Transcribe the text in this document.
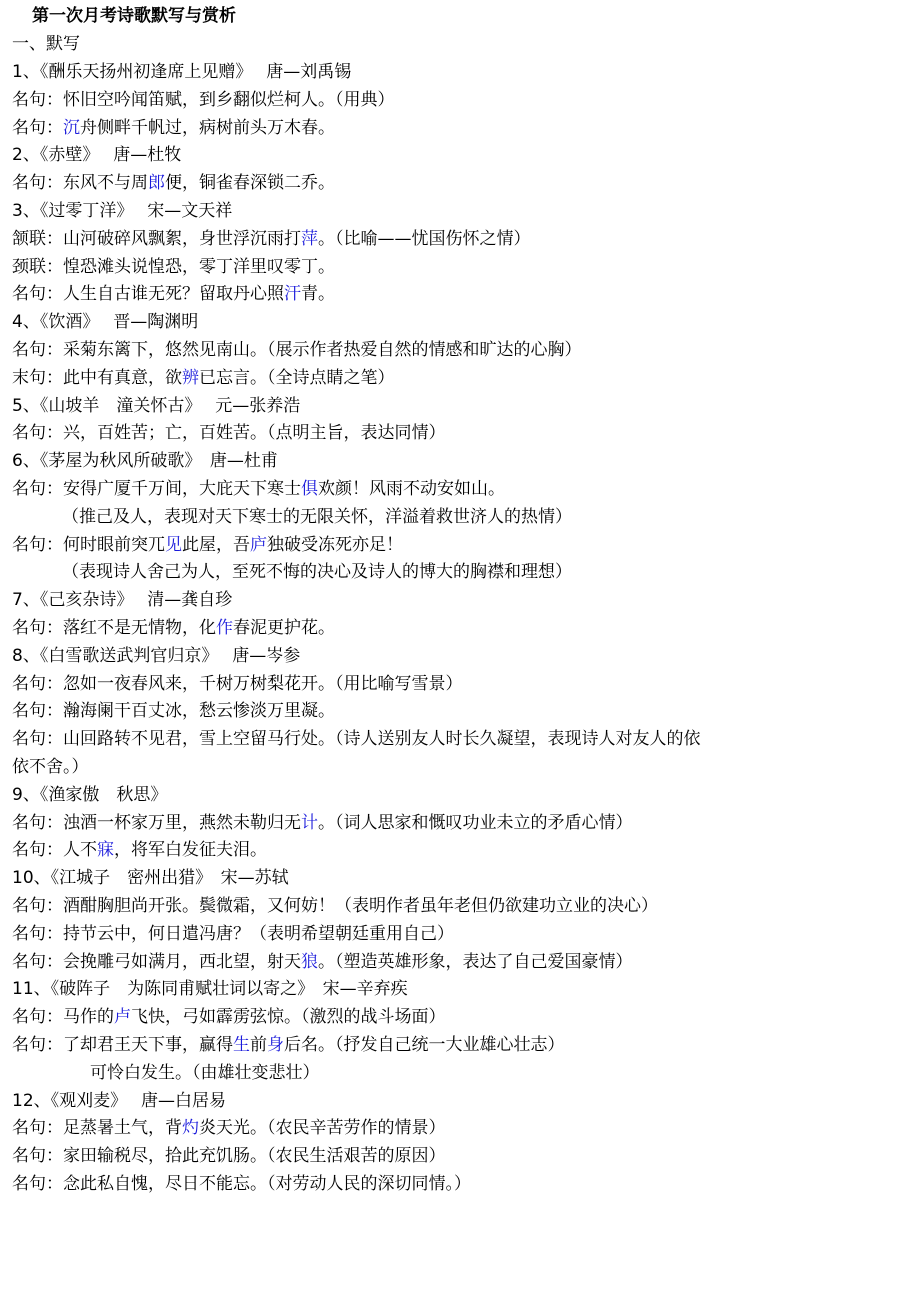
第一次月考诗歌默写与赏析
一、默写
1、《酬乐天扬州初逢席上见赠》　 唐—刘禹锡
名句：怀旧空吟闻笛赋，到乡翻似烂柯人。（用典）
名句：沉舟侧畔千帆过，病树前头万木春。
2、《赤壁》　 唐—杜牧
名句：东风不与周郎便，铜雀春深锁二乔。
3、《过零丁洋》　 宋—文天祥
颔联：山河破碎风飘絮，身世浮沉雨打萍。（比喻——忧国伤怀之情）
颈联：惶恐滩头说惶恐，零丁洋里叹零丁。
名句：人生自古谁无死？留取丹心照汗青。
4、《饮酒》　 晋—陶渊明
名句：采菊东篱下，悠然见南山。（展示作者热爱自然的情感和旷达的心胸）
末句：此中有真意，欲辨已忘言。（全诗点睛之笔）
5、《山坡羊　潼关怀古》　 元—张养浩
名句：兴，百姓苦；亡，百姓苦。（点明主旨，表达同情）
6、《茅屋为秋风所破歌》　唐—杜甫
名句：安得广厦千万间，大庇天下寒士俱欢颜！风雨不动安如山。
（推己及人，表现对天下寒士的无限关怀，洋溢着救世济人的热情）
名句：何时眼前突兀见此屋，吾庐独破受冻死亦足！
（表现诗人舍己为人，至死不悔的决心及诗人的博大的胸襟和理想）
7、《己亥杂诗》　 清—龚自珍
名句：落红不是无情物，化作春泥更护花。
8、《白雪歌送武判官归京》　 唐—岑参
名句：忽如一夜春风来，千树万树梨花开。（用比喻写雪景）
名句：瀚海阑干百丈冰，愁云惨淡万里凝。
名句：山回路转不见君，雪上空留马行处。（诗人送别友人时长久凝望，表现诗人对友人的依
依不舍。）
9、《渔家傲　秋思》
名句：浊酒一杯家万里，燕然未勒归无计。（词人思家和慨叹功业未立的矛盾心情）
名句：人不寐，将军白发征夫泪。
10、《江城子　密州出猎》　宋—苏轼
名句：酒酣胸胆尚开张。鬓微霜，又何妨！（表明作者虽年老但仍欲建功立业的决心）
名句：持节云中，何日遣冯唐？（表明希望朝廷重用自己）
名句：会挽雕弓如满月，西北望，射天狼。（塑造英雄形象，表达了自己爱国豪情）
11、《破阵子　为陈同甫赋壮词以寄之》　宋—辛弃疾
名句：马作的卢飞快，弓如霹雳弦惊。（激烈的战斗场面）
名句：了却君王天下事，赢得生前身后名。（抒发自己统一大业雄心壮志）
可怜白发生。（由雄壮变悲壮）
12、《观刈麦》　 唐—白居易
名句：足蒸暑土气，背灼炎天光。（农民辛苦劳作的情景）
名句：家田输税尽，拾此充饥肠。（农民生活艰苦的原因）
名句：念此私自愧，尽日不能忘。（对劳动人民的深切同情。）
